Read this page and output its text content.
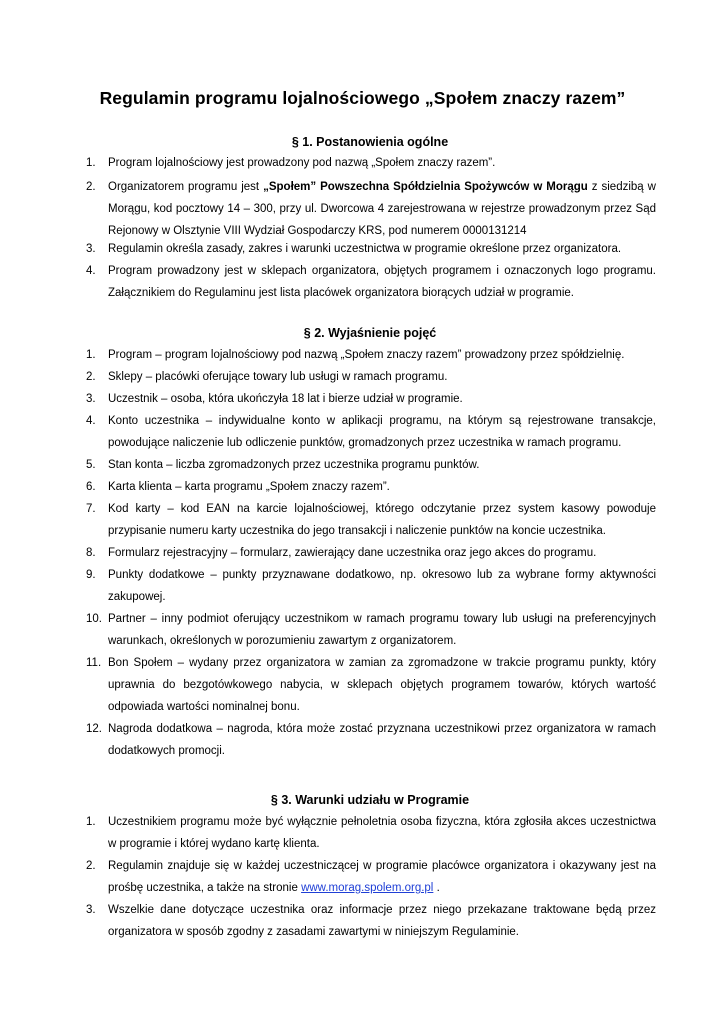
Regulamin programu lojalnościowego „Społem znaczy razem”
§ 1. Postanowienia ogólne
1. Program lojalnościowy jest prowadzony pod nazwą „Społem znaczy razem”.
2. Organizatorem programu jest „Społem” Powszechna Spółdzielnia Spożywców w Morągu z siedzibą w Morągu, kod pocztowy 14 – 300, przy ul. Dworcowa 4 zarejestrowana w rejestrze prowadzonym przez Sąd Rejonowy w Olsztynie VIII Wydział Gospodarczy KRS, pod numerem 0000131214
3. Regulamin określa zasady, zakres i warunki uczestnictwa w programie określone przez organizatora.
4. Program prowadzony jest w sklepach organizatora, objętych programem i oznaczonych logo programu. Załącznikiem do Regulaminu jest lista placówek organizatora biorących udział w programie.
§ 2. Wyjaśnienie pojęć
1. Program – program lojalnościowy pod nazwą „Społem znaczy razem” prowadzony przez spółdzielnię.
2. Sklepy – placówki oferujące towary lub usługi w ramach programu.
3. Uczestnik – osoba, która ukończyła 18 lat i bierze udział w programie.
4. Konto uczestnika – indywidualne konto w aplikacji programu, na którym są rejestrowane transakcje, powodujące naliczenie lub odliczenie punktów, gromadzonych przez uczestnika w ramach programu.
5. Stan konta – liczba zgromadzonych przez uczestnika programu punktów.
6. Karta klienta – karta programu „Społem znaczy razem”.
7. Kod karty – kod EAN na karcie lojalnościowej, którego odczytanie przez system kasowy powoduje przypisanie numeru karty uczestnika do jego transakcji i naliczenie punktów na koncie uczestnika.
8. Formularz rejestracyjny – formularz, zawierający dane uczestnika oraz jego akces do programu.
9. Punkty dodatkowe – punkty przyznawane dodatkowo, np. okresowo lub za wybrane formy aktywności zakupowej.
10. Partner – inny podmiot oferujący uczestnikom w ramach programu towary lub usługi na preferencyjnych warunkach, określonych w porozumieniu zawartym z organizatorem.
11. Bon Społem – wydany przez organizatora w zamian za zgromadzone w trakcie programu punkty, który uprawnia do bezgotówkowego nabycia, w sklepach objętych programem towarów, których wartość odpowiada wartości nominalnej bonu.
12. Nagroda dodatkowa – nagroda, która może zostać przyznana uczestnikowi przez organizatora w ramach dodatkowych promocji.
§ 3. Warunki udziału w Programie
1. Uczestnikiem programu może być wyłącznie pełnoletnia osoba fizyczna, która zgłosiła akces uczestnictwa w programie i której wydano kartę klienta.
2. Regulamin znajduje się w każdej uczestniczącej w programie placówce organizatora i okazywany jest na prośbę uczestnika, a także na stronie www.morag.spolem.org.pl .
3. Wszelkie dane dotyczące uczestnika oraz informacje przez niego przekazane traktowane będą przez organizatora w sposób zgodny z zasadami zawartymi w niniejszym Regulaminie.
